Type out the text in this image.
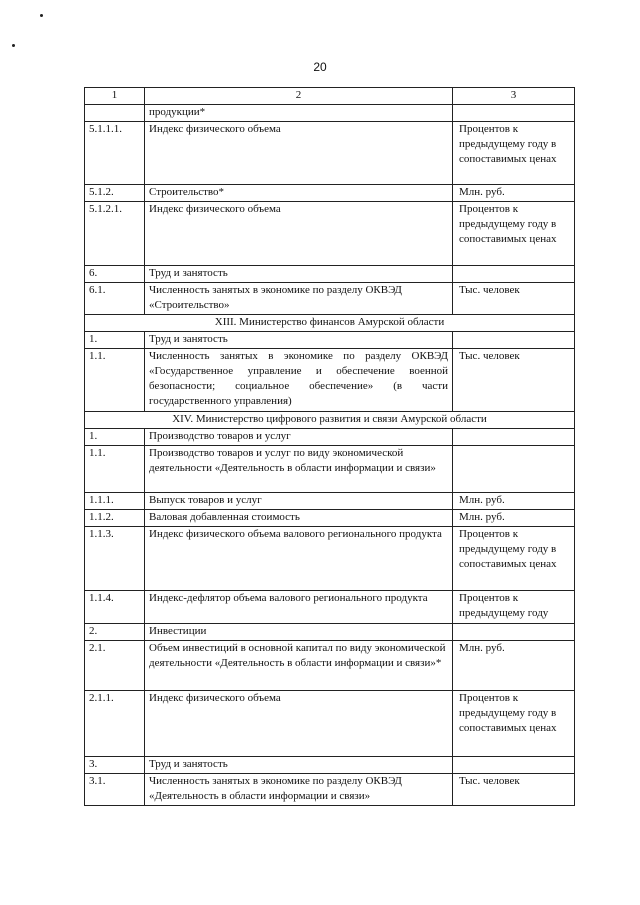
20
1	2	3
	продукции*	
5.1.1.1.	Индекс физического объема	Процентов к предыдущему году в сопоставимых ценах
5.1.2.	Строительство*	Млн. руб.
5.1.2.1.	Индекс физического объема	Процентов к предыдущему году в сопоставимых ценах
6.	Труд и занятость	
6.1.	Численность занятых в экономике по разделу ОКВЭД «Строительство»	Тыс. человек
XIII. Министерство финансов Амурской области		
1.	Труд и занятость	
1.1.	Численность занятых в экономике по разделу ОКВЭД «Государственное управление и обеспечение военной безопасности; социальное обеспечение» (в части государственного управления)	Тыс. человек
XIV. Министерство цифрового развития и связи Амурской области		
1.	Производство товаров и услуг	
1.1.	Производство товаров и услуг по виду экономической деятельности «Деятельность в области информации и связи»	
1.1.1.	Выпуск товаров и услуг	Млн. руб.
1.1.2.	Валовая добавленная стоимость	Млн. руб.
1.1.3.	Индекс физического объема валового регионального продукта	Процентов к предыдущему году в сопоставимых ценах
1.1.4.	Индекс-дефлятор объема валового регионального продукта	Процентов к предыдущему году
2.	Инвестиции	
2.1.	Объем инвестиций в основной капитал по виду экономической деятельности «Деятельность в области информации и связи»*	Млн. руб.
2.1.1.	Индекс физического объема	Процентов к предыдущему году в сопоставимых ценах
3.	Труд и занятость	
3.1.	Численность занятых в экономике по разделу ОКВЭД «Деятельность в области информации и связи»	Тыс. человек
